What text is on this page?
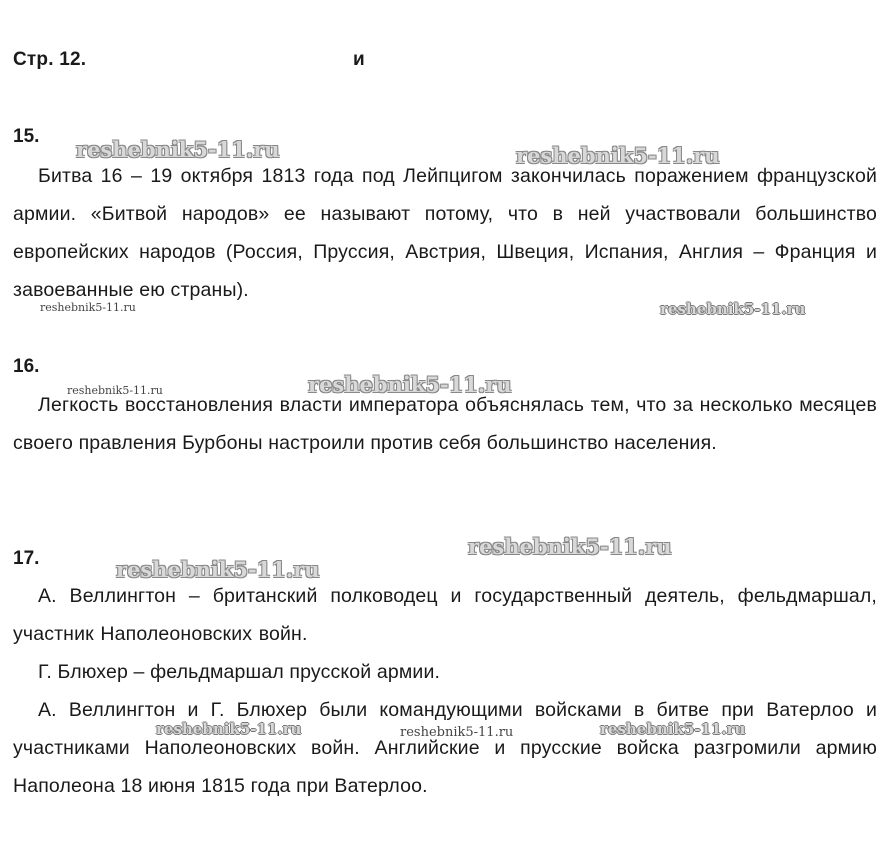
Стр. 12.	и
15.

Битва 16 – 19 октября 1813 года под Лейпцигом закончилась поражением французской армии. «Битвой народов» ее называют потому, что в ней участвовали большинство европейских народов (Россия, Пруссия, Австрия, Швеция, Испания, Англия – Франция и завоеванные ею страны).

16.

Легкость восстановления власти императора объяснялась тем, что за несколько месяцев своего правления Бурбоны настроили против себя большинство населения.

17.

А. Веллингтон – британский полководец и государственный деятель, фельдмаршал, участник Наполеоновских войн.

Г. Блюхер – фельдмаршал прусской армии.

А. Веллингтон и Г. Блюхер были командующими войсками в битве при Ватерлоо и участниками Наполеоновских войн. Английские и прусские войска разгромили армию Наполеона 18 июня 1815 года при Ватерлоо.

reshebnik5-11.ru	reshebnik5-11.ru
reshebnik5-11.ru	reshebnik5-11.ru
reshebnik5-11.ru	reshebnik5-11.ru
reshebnik5-11.ru
reshebnik5-11.ru
reshebnik5-11.ru	reshebnik5-11.ru	reshebnik5-11.ru
